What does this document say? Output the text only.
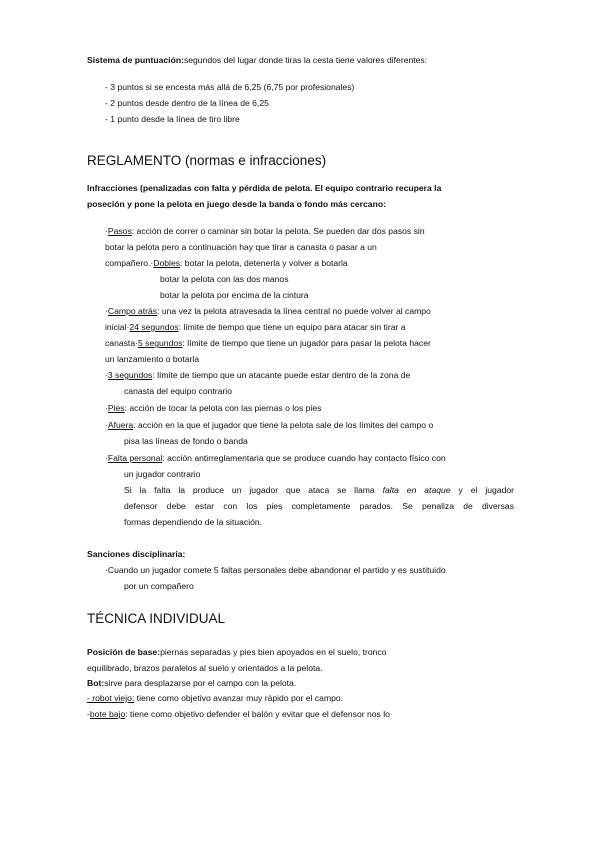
Sistema de puntuación:segundos del lugar donde tiras la cesta tiene valores diferentes:
- 3 puntos si se encesta más allá de 6,25 (6,75 por profesionales)
- 2 puntos desde dentro de la línea de 6,25
- 1 punto desde la línea de tiro libre
REGLAMENTO (normas e infracciones)
Infracciones (penalizadas con falta y pérdida de pelota. El equipo contrario recupera la
poseción y pone la pelota en juego desde la banda o fondo más cercano:
·Pasos: acción de correr o caminar sin botar la pelota. Se pueden dar dos pasos sin
botar la pelota pero a continuación hay que tirar a canasta o pasar a un
compañero.·Dobles: botar la pelota, detenerla y volver a botarla
botar la pelota con las dos manos
botar la pelota por encima de la cintura
·Campo atrás: una vez la pelota atravesada la línea central no puede volver al campo
inicial·24 segundos: límite de tiempo que tiene un equipo para atacar sin tirar a
canasta·5 segundos: límite de tiempo que tiene un jugador para pasar la pelota hacer
un lanzamiento o botarla
·3 segundos: límite de tiempo que un atacante puede estar dentro de la zona de
canasta del equipo contrario
·Pies: acción de tocar la pelota con las piernas o los pies
·Afuera: acción en la que el jugador que tiene la pelota sale de los límites del campo o
pisa las líneas de fondo o banda
·Falta personal: acción antirreglamentaria que se produce cuando hay contacto físico con
un jugador contrario
Si la falta la produce un jugador que ataca se llama falta en ataque y el jugador
defensor debe estar con los pies completamente parados. Se penaliza de diversas
formas dependiendo de la situación.
Sanciones disciplinaria:
·Cuando un jugador comete 5 faltas personales debe abandonar el partido y es sustituido
por un compañero
TÉCNICA INDIVIDUAL
Posición de base:piernas separadas y pies bien apoyados en el suelo, tronco
equilibrado, brazos paralelos al suelo y orientados a la pelota.
Bot:sirve para desplazarse por el campo con la pelota.
- robot viejo: tiene como objetivo avanzar muy rápido por el campo.
-bote bajo: tiene como objetivo defender el balón y evitar que el defensor nos lo
